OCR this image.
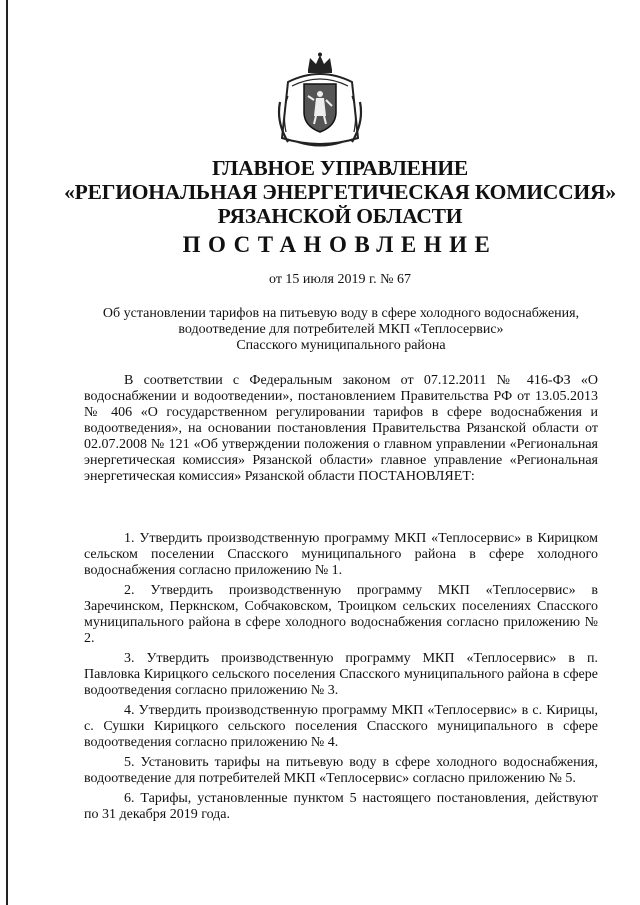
ГЛАВНОЕ УПРАВЛЕНИЕ
«РЕГИОНАЛЬНАЯ ЭНЕРГЕТИЧЕСКАЯ КОМИССИЯ»
РЯЗАНСКОЙ ОБЛАСТИ
ПОСТАНОВЛЕНИЕ
от 15 июля 2019 г. № 67
Об установлении тарифов на питьевую воду в сфере холодного водоснабжения,
водоотведение для потребителей МКП «Теплосервис»
Спасского муниципального района

В соответствии с Федеральным законом от 07.12.2011 № 416-ФЗ «О водоснабжении и водоотведении», постановлением Правительства РФ от 13.05.2013 № 406 «О государственном регулировании тарифов в сфере водоснабжения и водоотведения», на основании постановления Правительства Рязанской области от 02.07.2008 № 121 «Об утверждении положения о главном управлении «Региональная энергетическая комиссия» Рязанской области» главное управление «Региональная энергетическая комиссия» Рязанской области ПОСТАНОВЛЯЕТ:

1. Утвердить производственную программу МКП «Теплосервис» в Кирицком сельском поселении Спасского муниципального района в сфере холодного водоснабжения согласно приложению № 1.

2. Утвердить производственную программу МКП «Теплосервис» в Заречинском, Перкнском, Собчаковском, Троицком сельских поселениях Спасского муниципального района в сфере холодного водоснабжения согласно приложению № 2.

3. Утвердить производственную программу МКП «Теплосервис» в п. Павловка Кирицкого сельского поселения Спасского муниципального района в сфере водоотведения согласно приложению № 3.

4. Утвердить производственную программу МКП «Теплосервис» в с. Кирицы, с. Сушки Кирицкого сельского поселения Спасского муниципального в сфере водоотведения согласно приложению № 4.

5. Установить тарифы на питьевую воду в сфере холодного водоснабжения, водоотведение для потребителей МКП «Теплосервис» согласно приложению № 5.

6. Тарифы, установленные пунктом 5 настоящего постановления, действуют по 31 декабря 2019 года.
